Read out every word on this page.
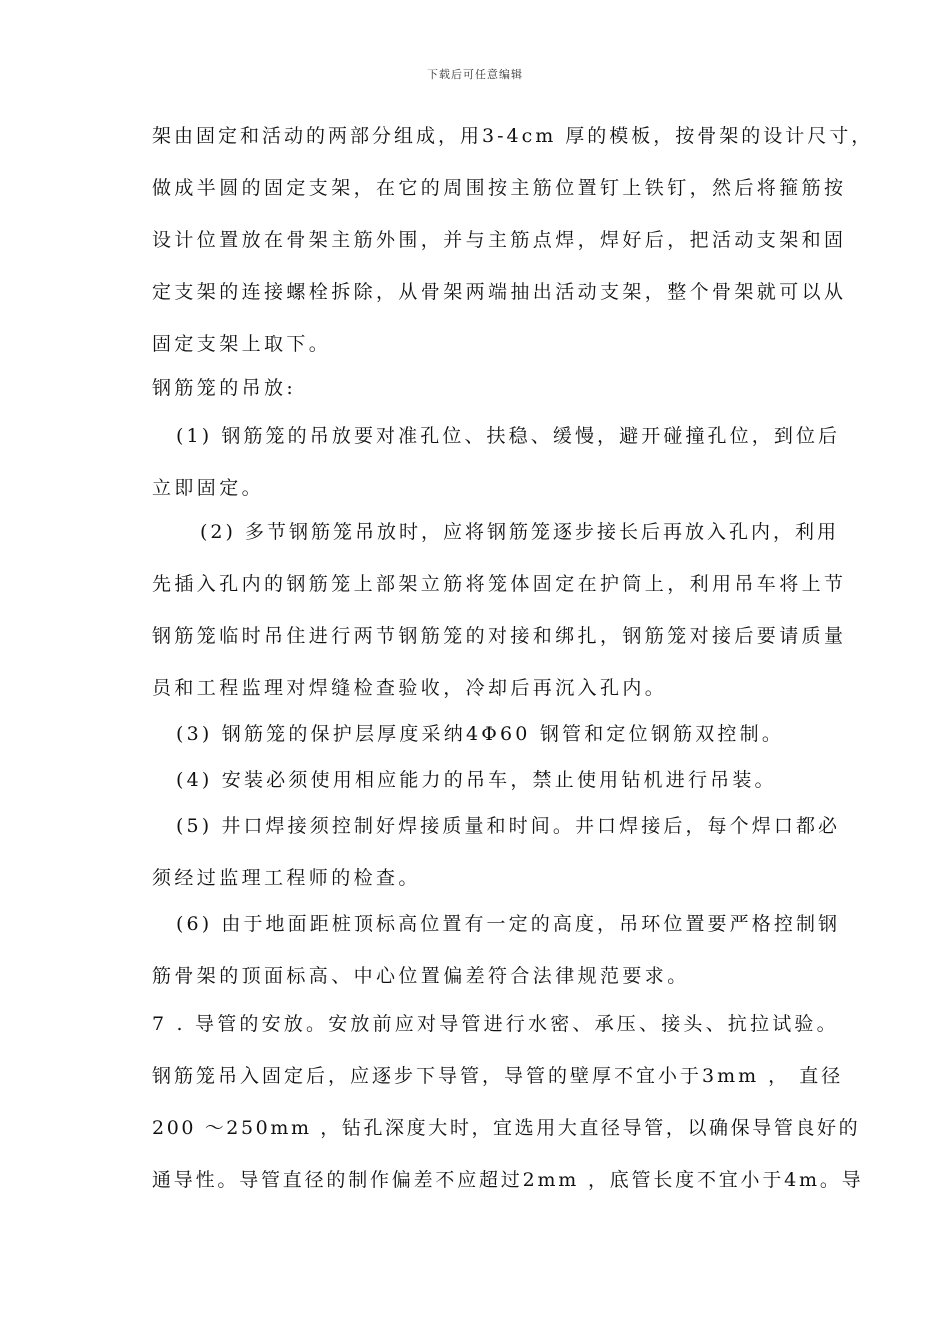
下载后可任意编辑
架由固定和活动的两部分组成，用3-4cm 厚的模板，按骨架的设计尺寸，
做成半圆的固定支架，在它的周围按主筋位置钉上铁钉，然后将箍筋按
设计位置放在骨架主筋外围，并与主筋点焊，焊好后，把活动支架和固
定支架的连接螺栓拆除，从骨架两端抽出活动支架，整个骨架就可以从
固定支架上取下。
钢筋笼的吊放:
(1) 钢筋笼的吊放要对准孔位、扶稳、缓慢，避开碰撞孔位，到位后
立即固定。
(2) 多节钢筋笼吊放时，应将钢筋笼逐步接长后再放入孔内，利用
先插入孔内的钢筋笼上部架立筋将笼体固定在护筒上，利用吊车将上节
钢筋笼临时吊住进行两节钢筋笼的对接和绑扎，钢筋笼对接后要请质量
员和工程监理对焊缝检查验收，冷却后再沉入孔内。
(3) 钢筋笼的保护层厚度采纳4Φ60 钢管和定位钢筋双控制。
(4) 安装必须使用相应能力的吊车，禁止使用钻机进行吊装。
(5) 井口焊接须控制好焊接质量和时间。井口焊接后，每个焊口都必
须经过监理工程师的检查。
(6) 由于地面距桩顶标高位置有一定的高度，吊环位置要严格控制钢
筋骨架的顶面标高、中心位置偏差符合法律规范要求。
7 . 导管的安放。安放前应对导管进行水密、承压、接头、抗拉试验。
钢筋笼吊入固定后，应逐步下导管，导管的壁厚不宜小于3mm ， 直径
200 ～250mm ，钻孔深度大时，宜选用大直径导管，以确保导管良好的
通导性。导管直径的制作偏差不应超过2mm ，底管长度不宜小于4m。导
